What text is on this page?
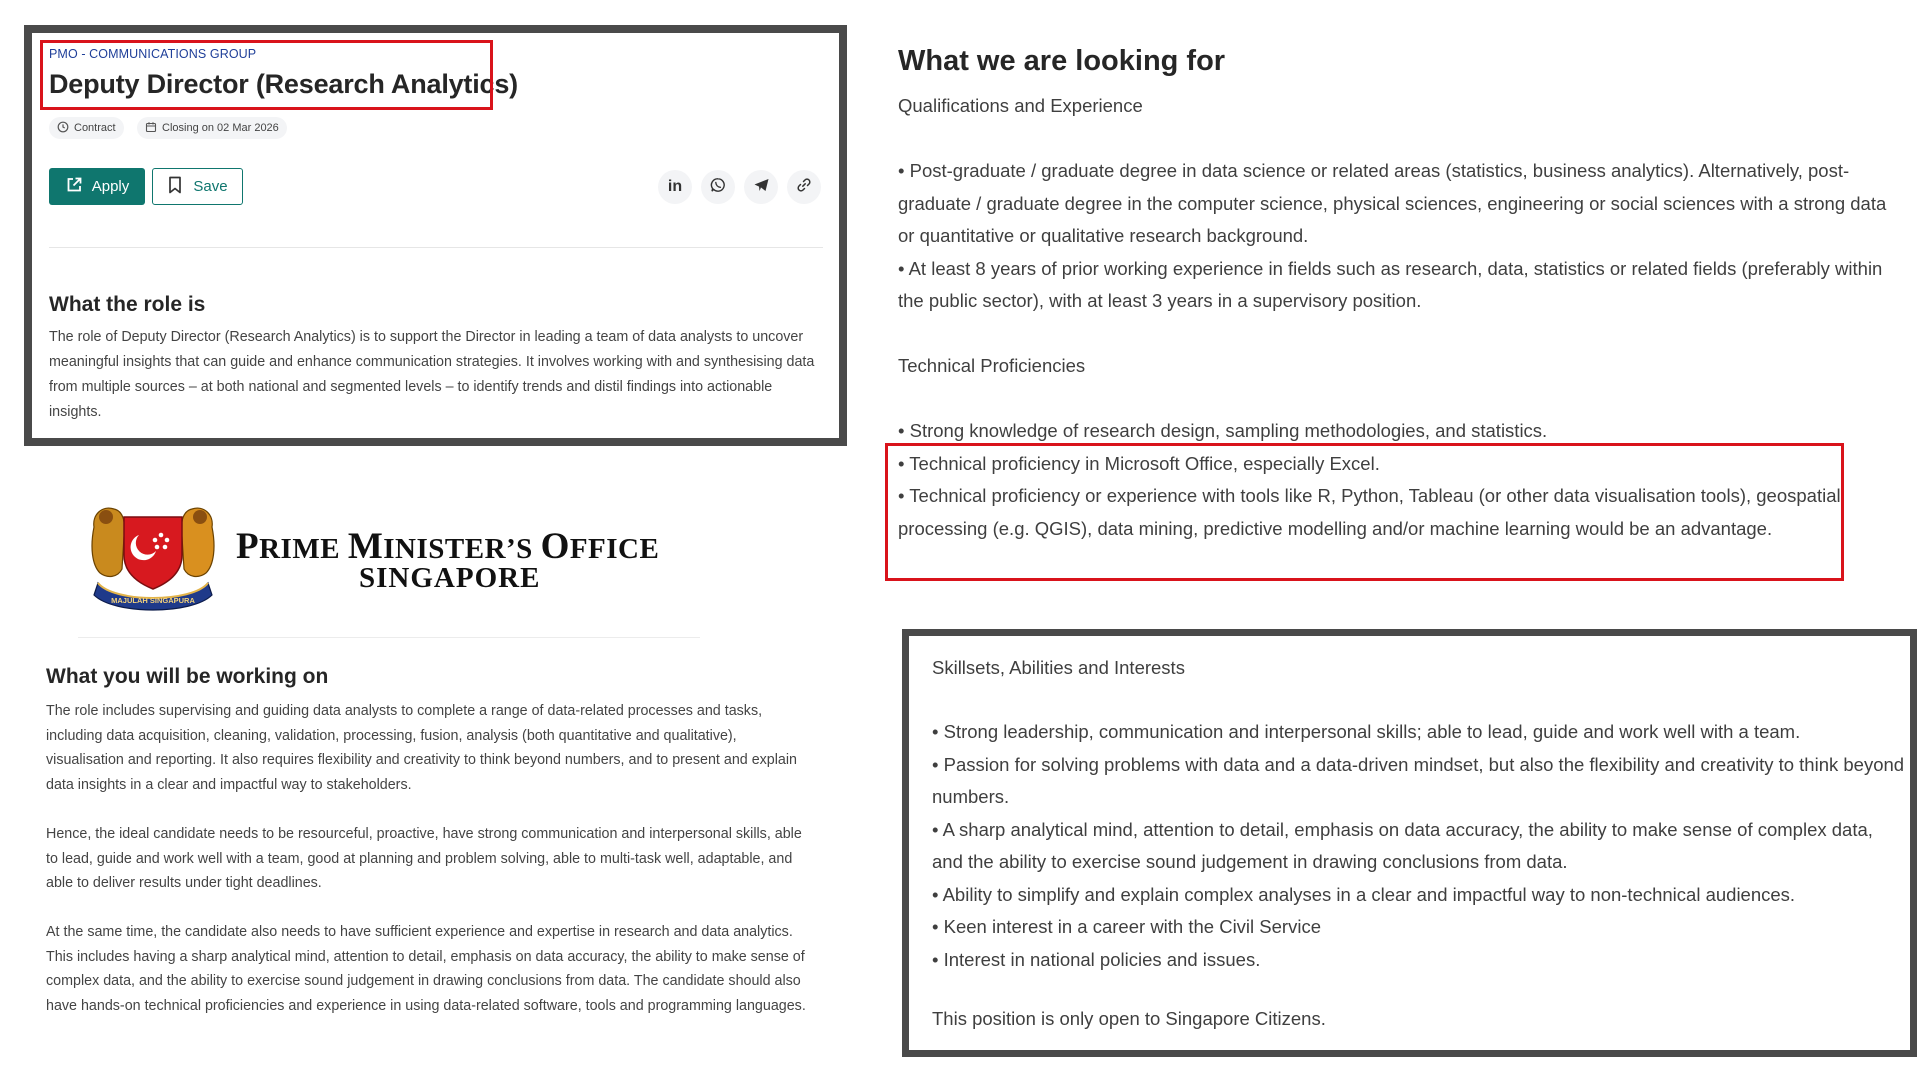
PMO - COMMUNICATIONS GROUP
Deputy Director (Research Analytics)
Contract	Closing on 02 Mar 2026
Apply	Save	in
What the role is
The role of Deputy Director (Research Analytics) is to support the Director in leading a team of data analysts to uncover meaningful insights that can guide and enhance communication strategies. It involves working with and synthesising data from multiple sources – at both national and segmented levels – to identify trends and distil findings into actionable insights.
MAJULAH SINGAPURA
PRIME MINISTER’S OFFICE
SINGAPORE
What you will be working on
The role includes supervising and guiding data analysts to complete a range of data-related processes and tasks, including data acquisition, cleaning, validation, processing, fusion, analysis (both quantitative and qualitative), visualisation and reporting. It also requires flexibility and creativity to think beyond numbers, and to present and explain data insights in a clear and impactful way to stakeholders.
Hence, the ideal candidate needs to be resourceful, proactive, have strong communication and interpersonal skills, able to lead, guide and work well with a team, good at planning and problem solving, able to multi-task well, adaptable, and able to deliver results under tight deadlines.
At the same time, the candidate also needs to have sufficient experience and expertise in research and data analytics. This includes having a sharp analytical mind, attention to detail, emphasis on data accuracy, the ability to make sense of complex data, and the ability to exercise sound judgement in drawing conclusions from data. The candidate should also have hands-on technical proficiencies and experience in using data-related software, tools and programming languages.
What we are looking for
Qualifications and Experience
• Post-graduate / graduate degree in data science or related areas (statistics, business analytics). Alternatively, post-graduate / graduate degree in the computer science, physical sciences, engineering or social sciences with a strong data or quantitative or qualitative research background.
• At least 8 years of prior working experience in fields such as research, data, statistics or related fields (preferably within the public sector), with at least 3 years in a supervisory position.
Technical Proficiencies
• Strong knowledge of research design, sampling methodologies, and statistics.
• Technical proficiency in Microsoft Office, especially Excel.
• Technical proficiency or experience with tools like R, Python, Tableau (or other data visualisation tools), geospatial processing (e.g. QGIS), data mining, predictive modelling and/or machine learning would be an advantage.
Skillsets, Abilities and Interests
• Strong leadership, communication and interpersonal skills; able to lead, guide and work well with a team.
• Passion for solving problems with data and a data-driven mindset, but also the flexibility and creativity to think beyond numbers.
• A sharp analytical mind, attention to detail, emphasis on data accuracy, the ability to make sense of complex data, and the ability to exercise sound judgement in drawing conclusions from data.
• Ability to simplify and explain complex analyses in a clear and impactful way to non-technical audiences.
• Keen interest in a career with the Civil Service
• Interest in national policies and issues.
This position is only open to Singapore Citizens.
